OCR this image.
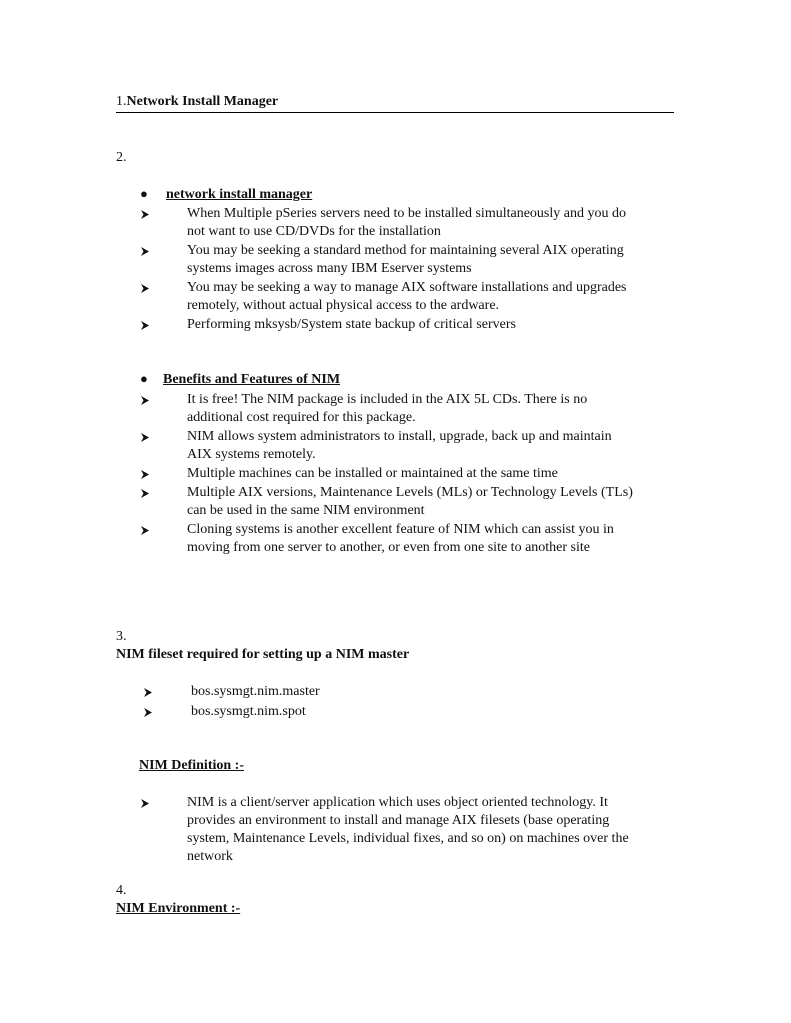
1.Network Install Manager
2.
● network install manager
When Multiple pSeries servers need to be installed simultaneously and you do
not want to use CD/DVDs for the installation
You may be seeking a standard method for maintaining several AIX operating
systems images across many IBM Eserver systems
You may be seeking a way to manage AIX software installations and upgrades
remotely, without actual physical access to the ardware.
Performing mksysb/System state backup of critical servers
● Benefits and Features of NIM
It is free! The NIM package is included in the AIX 5L CDs. There is no
additional cost required for this package.
NIM allows system administrators to install, upgrade, back up and maintain
AIX systems remotely.
Multiple machines can be installed or maintained at the same time
Multiple AIX versions, Maintenance Levels (MLs) or Technology Levels (TLs)
can be used in the same NIM environment
Cloning systems is another excellent feature of NIM which can assist you in
moving from one server to another, or even from one site to another site
3.
NIM fileset required for setting up a NIM master
bos.sysmgt.nim.master
bos.sysmgt.nim.spot
NIM Definition :-
NIM is a client/server application which uses object oriented technology. It
provides an environment to install and manage AIX filesets (base operating
system, Maintenance Levels, individual fixes, and so on) on machines over the
network
4.
NIM Environment :-
